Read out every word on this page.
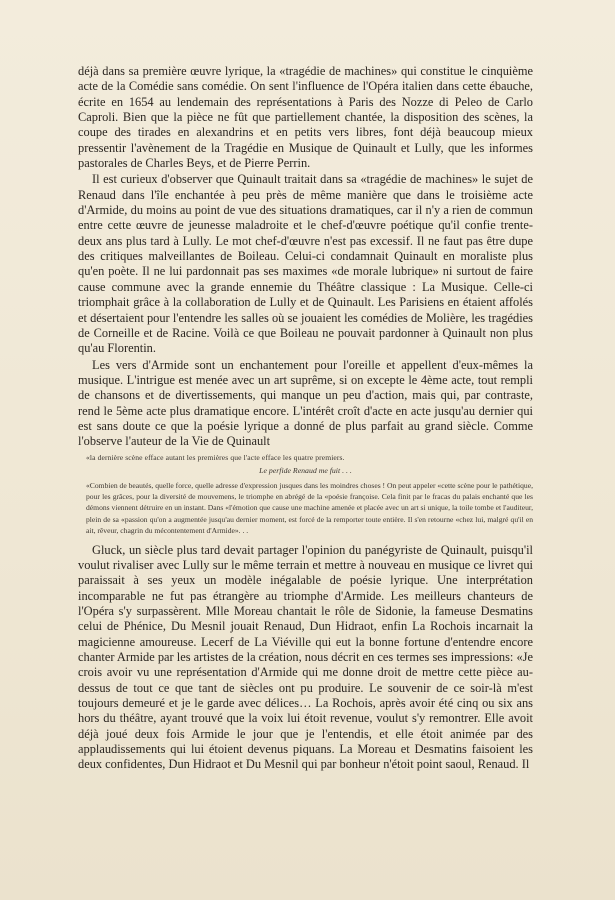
déjà dans sa première œuvre lyrique, la «tragédie de machines» qui constitue le cinquième acte de la Comédie sans comédie. On sent l'influence de l'Opéra italien dans cette ébauche, écrite en 1654 au lendemain des représentations à Paris des Nozze di Peleo de Carlo Caproli. Bien que la pièce ne fût que partiellement chantée, la disposition des scènes, la coupe des tirades en alexandrins et en petits vers libres, font déjà beaucoup mieux pressentir l'avènement de la Tragédie en Musique de Quinault et Lully, que les informes pastorales de Charles Beys, et de Pierre Perrin.

Il est curieux d'observer que Quinault traitait dans sa «tragédie de machines» le sujet de Renaud dans l'île enchantée à peu près de même manière que dans le troisième acte d'Armide, du moins au point de vue des situations dramatiques, car il n'y a rien de commun entre cette œuvre de jeunesse maladroite et le chef-d'œuvre poétique qu'il confie trente-deux ans plus tard à Lully. Le mot chef-d'œuvre n'est pas excessif. Il ne faut pas être dupe des critiques malveillantes de Boileau. Celui-ci condamnait Quinault en moraliste plus qu'en poète. Il ne lui pardonnait pas ses maximes «de morale lubrique» ni surtout de faire cause commune avec la grande ennemie du Théâtre classique : La Musique. Celle-ci triomphait grâce à la collaboration de Lully et de Quinault. Les Parisiens en étaient affolés et désertaient pour l'entendre les salles où se jouaient les comédies de Molière, les tragédies de Corneille et de Racine. Voilà ce que Boileau ne pouvait pardonner à Quinault non plus qu'au Florentin.

Les vers d'Armide sont un enchantement pour l'oreille et appellent d'eux-mêmes la musique. L'intrigue est menée avec un art suprême, si on excepte le 4ème acte, tout rempli de chansons et de divertissements, qui manque un peu d'action, mais qui, par contraste, rend le 5ème acte plus dramatique encore. L'intérêt croît d'acte en acte jusqu'au dernier qui est sans doute ce que la poésie lyrique a donné de plus parfait au grand siècle. Comme l'observe l'auteur de la Vie de Quinault

«la dernière scène efface autant les premières que l'acte efface les quatre premiers.

Le perfide Renaud me fuit . . .

«Combien de beautés, quelle force, quelle adresse d'expression jusques dans les moindres choses ! On peut appeler «cette scène pour le pathétique, pour les grâces, pour la diversité de mouvemens, le triomphe en abrégé de la «poésie françoise. Cela finit par le fracas du palais enchanté que les démons viennent détruire en un instant. Dans «l'émotion que cause une machine amenée et placée avec un art si unique, la toile tombe et l'auditeur, plein de sa «passion qu'on a augmentée jusqu'au dernier moment, est forcé de la remporter toute entière. Il s'en retourne «chez lui, malgré qu'il en ait, rêveur, chagrin du mécontentement d'Armide». . .

Gluck, un siècle plus tard devait partager l'opinion du panégyriste de Quinault, puisqu'il voulut rivaliser avec Lully sur le même terrain et mettre à nouveau en musique ce livret qui paraissait à ses yeux un modèle inégalable de poésie lyrique. Une interprétation incomparable ne fut pas étrangère au triomphe d'Armide. Les meilleurs chanteurs de l'Opéra s'y surpassèrent. Mlle Moreau chantait le rôle de Sidonie, la fameuse Desmatins celui de Phénice, Du Mesnil jouait Renaud, Dun Hidraot, enfin La Rochois incarnait la magicienne amoureuse. Lecerf de La Viéville qui eut la bonne fortune d'entendre encore chanter Armide par les artistes de la création, nous décrit en ces termes ses impressions: «Je crois avoir vu une représentation d'Armide qui me donne droit de mettre cette pièce au-dessus de tout ce que tant de siècles ont pu produire. Le souvenir de ce soir-là m'est toujours demeuré et je le garde avec délices… La Rochois, après avoir été cinq ou six ans hors du théâtre, ayant trouvé que la voix lui étoit revenue, voulut s'y remontrer. Elle avoit déjà joué deux fois Armide le jour que je l'entendis, et elle étoit animée par des applaudissements qui lui étoient devenus piquans. La Moreau et Desmatins faisoient les deux confidentes, Dun Hidraot et Du Mesnil qui par bonheur n'étoit point saoul, Renaud. Il
